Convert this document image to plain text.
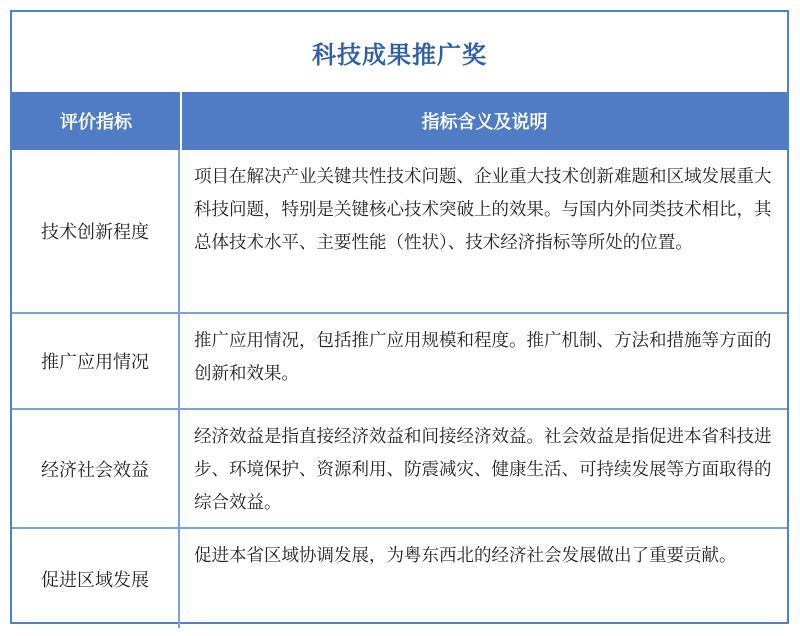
科技成果推广奖
评价指标	指标含义及说明
技术创新程度
项目在解决产业关键共性技术问题、企业重大技术创新难题和区域发展重大科技问题，特别是关键核心技术突破上的效果。与国内外同类技术相比，其总体技术水平、主要性能（性状）、技术经济指标等所处的位置。
推广应用情况
推广应用情况，包括推广应用规模和程度。推广机制、方法和措施等方面的创新和效果。
经济社会效益
经济效益是指直接经济效益和间接经济效益。社会效益是指促进本省科技进步、环境保护、资源利用、防震减灾、健康生活、可持续发展等方面取得的综合效益。
促进区域发展
促进本省区域协调发展，为粤东西北的经济社会发展做出了重要贡献。
